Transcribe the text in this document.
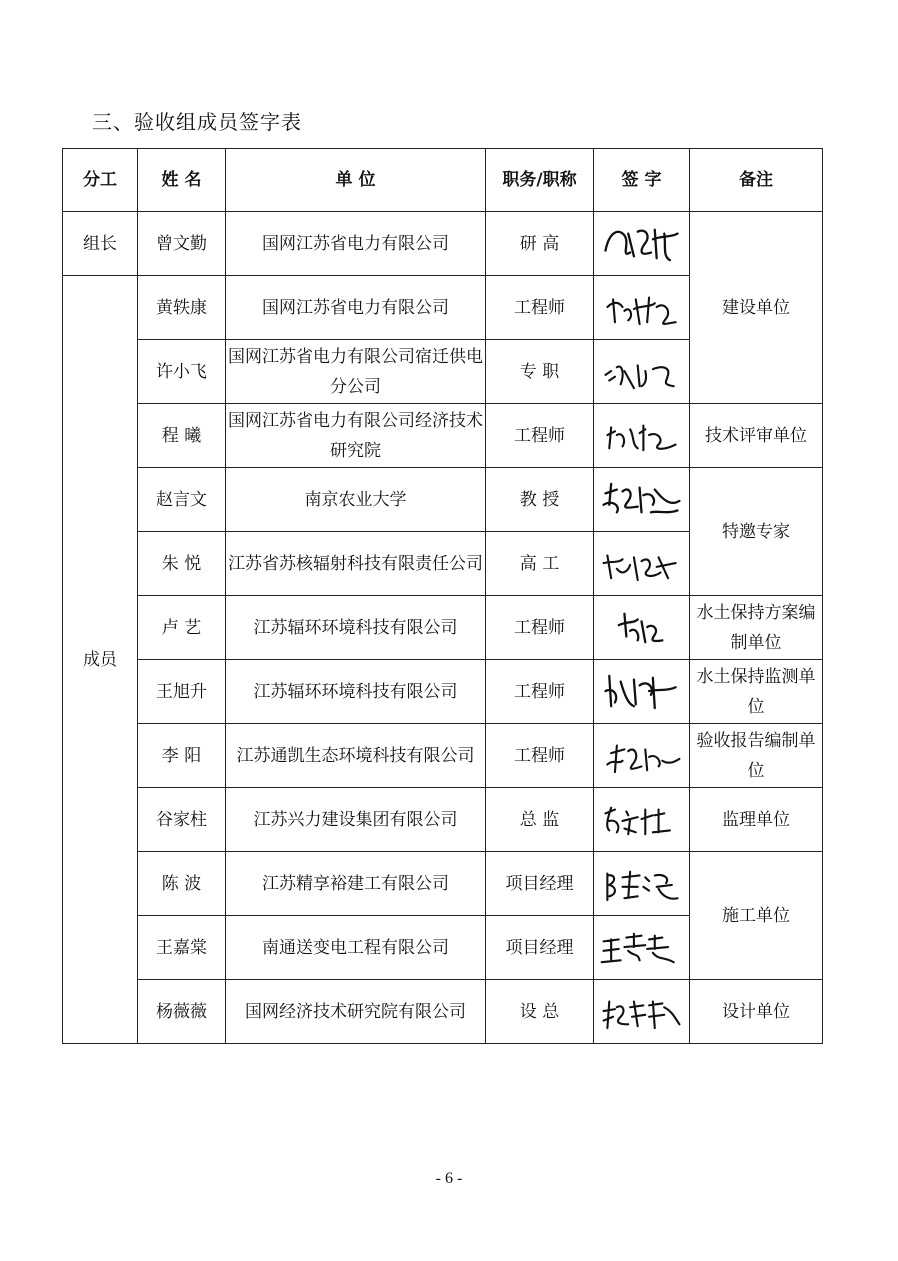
三、验收组成员签字表
分工	姓 名	单 位	职务/职称	签 字	备注
组长	曾文勤	国网江苏省电力有限公司	研 高		建设单位
成员	黄轶康	国网江苏省电力有限公司	工程师	

	许小飞	国网江苏省电力有限公司宿迁供电分公司	专 职	

	程 曦	国网江苏省电力有限公司经济技术研究院	工程师		技术评审单位
	赵言文	南京农业大学	教 授		特邀专家
	朱 悦	江苏省苏核辐射科技有限责任公司	高 工	

	卢 艺	江苏辐环环境科技有限公司	工程师		水土保持方案编制单位
	王旭升	江苏辐环环境科技有限公司	工程师		水土保持监测单位
	李 阳	江苏通凯生态环境科技有限公司	工程师		验收报告编制单位
	谷家柱	江苏兴力建设集团有限公司	总 监		监理单位
	陈 波	江苏精享裕建工有限公司	项目经理		施工单位
	王嘉棠	南通送变电工程有限公司	项目经理	

	杨薇薇	国网经济技术研究院有限公司	设 总		设计单位
- 6 -
